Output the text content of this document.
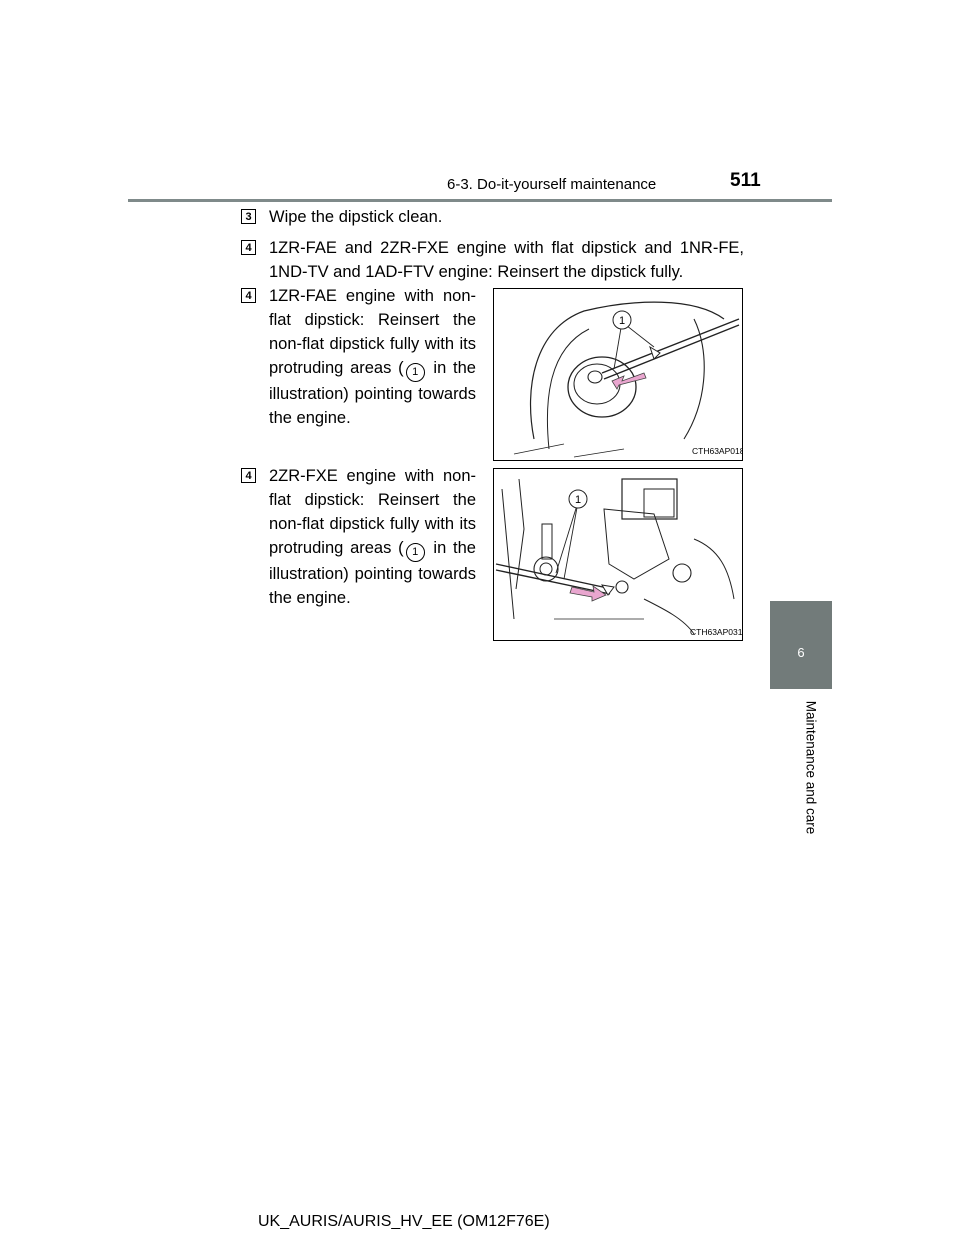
6-3. Do-it-yourself maintenance	511
6
Maintenance and care
3 Wipe the dipstick clean.
4 1ZR-FAE and 2ZR-FXE engine with flat dipstick and 1NR-FE, 1ND-TV and 1AD-FTV engine: Reinsert the dipstick fully.
4 1ZR-FAE engine with non-flat dipstick: Reinsert the non-flat dipstick fully with its protruding areas ( 1 in the illustration) pointing towards the engine.
1
CTH63AP018
4 2ZR-FXE engine with non-flat dipstick: Reinsert the non-flat dipstick fully with its protruding areas ( 1 in the illustration) pointing towards the engine.
1
CTH63AP031
UK_AURIS/AURIS_HV_EE (OM12F76E)
